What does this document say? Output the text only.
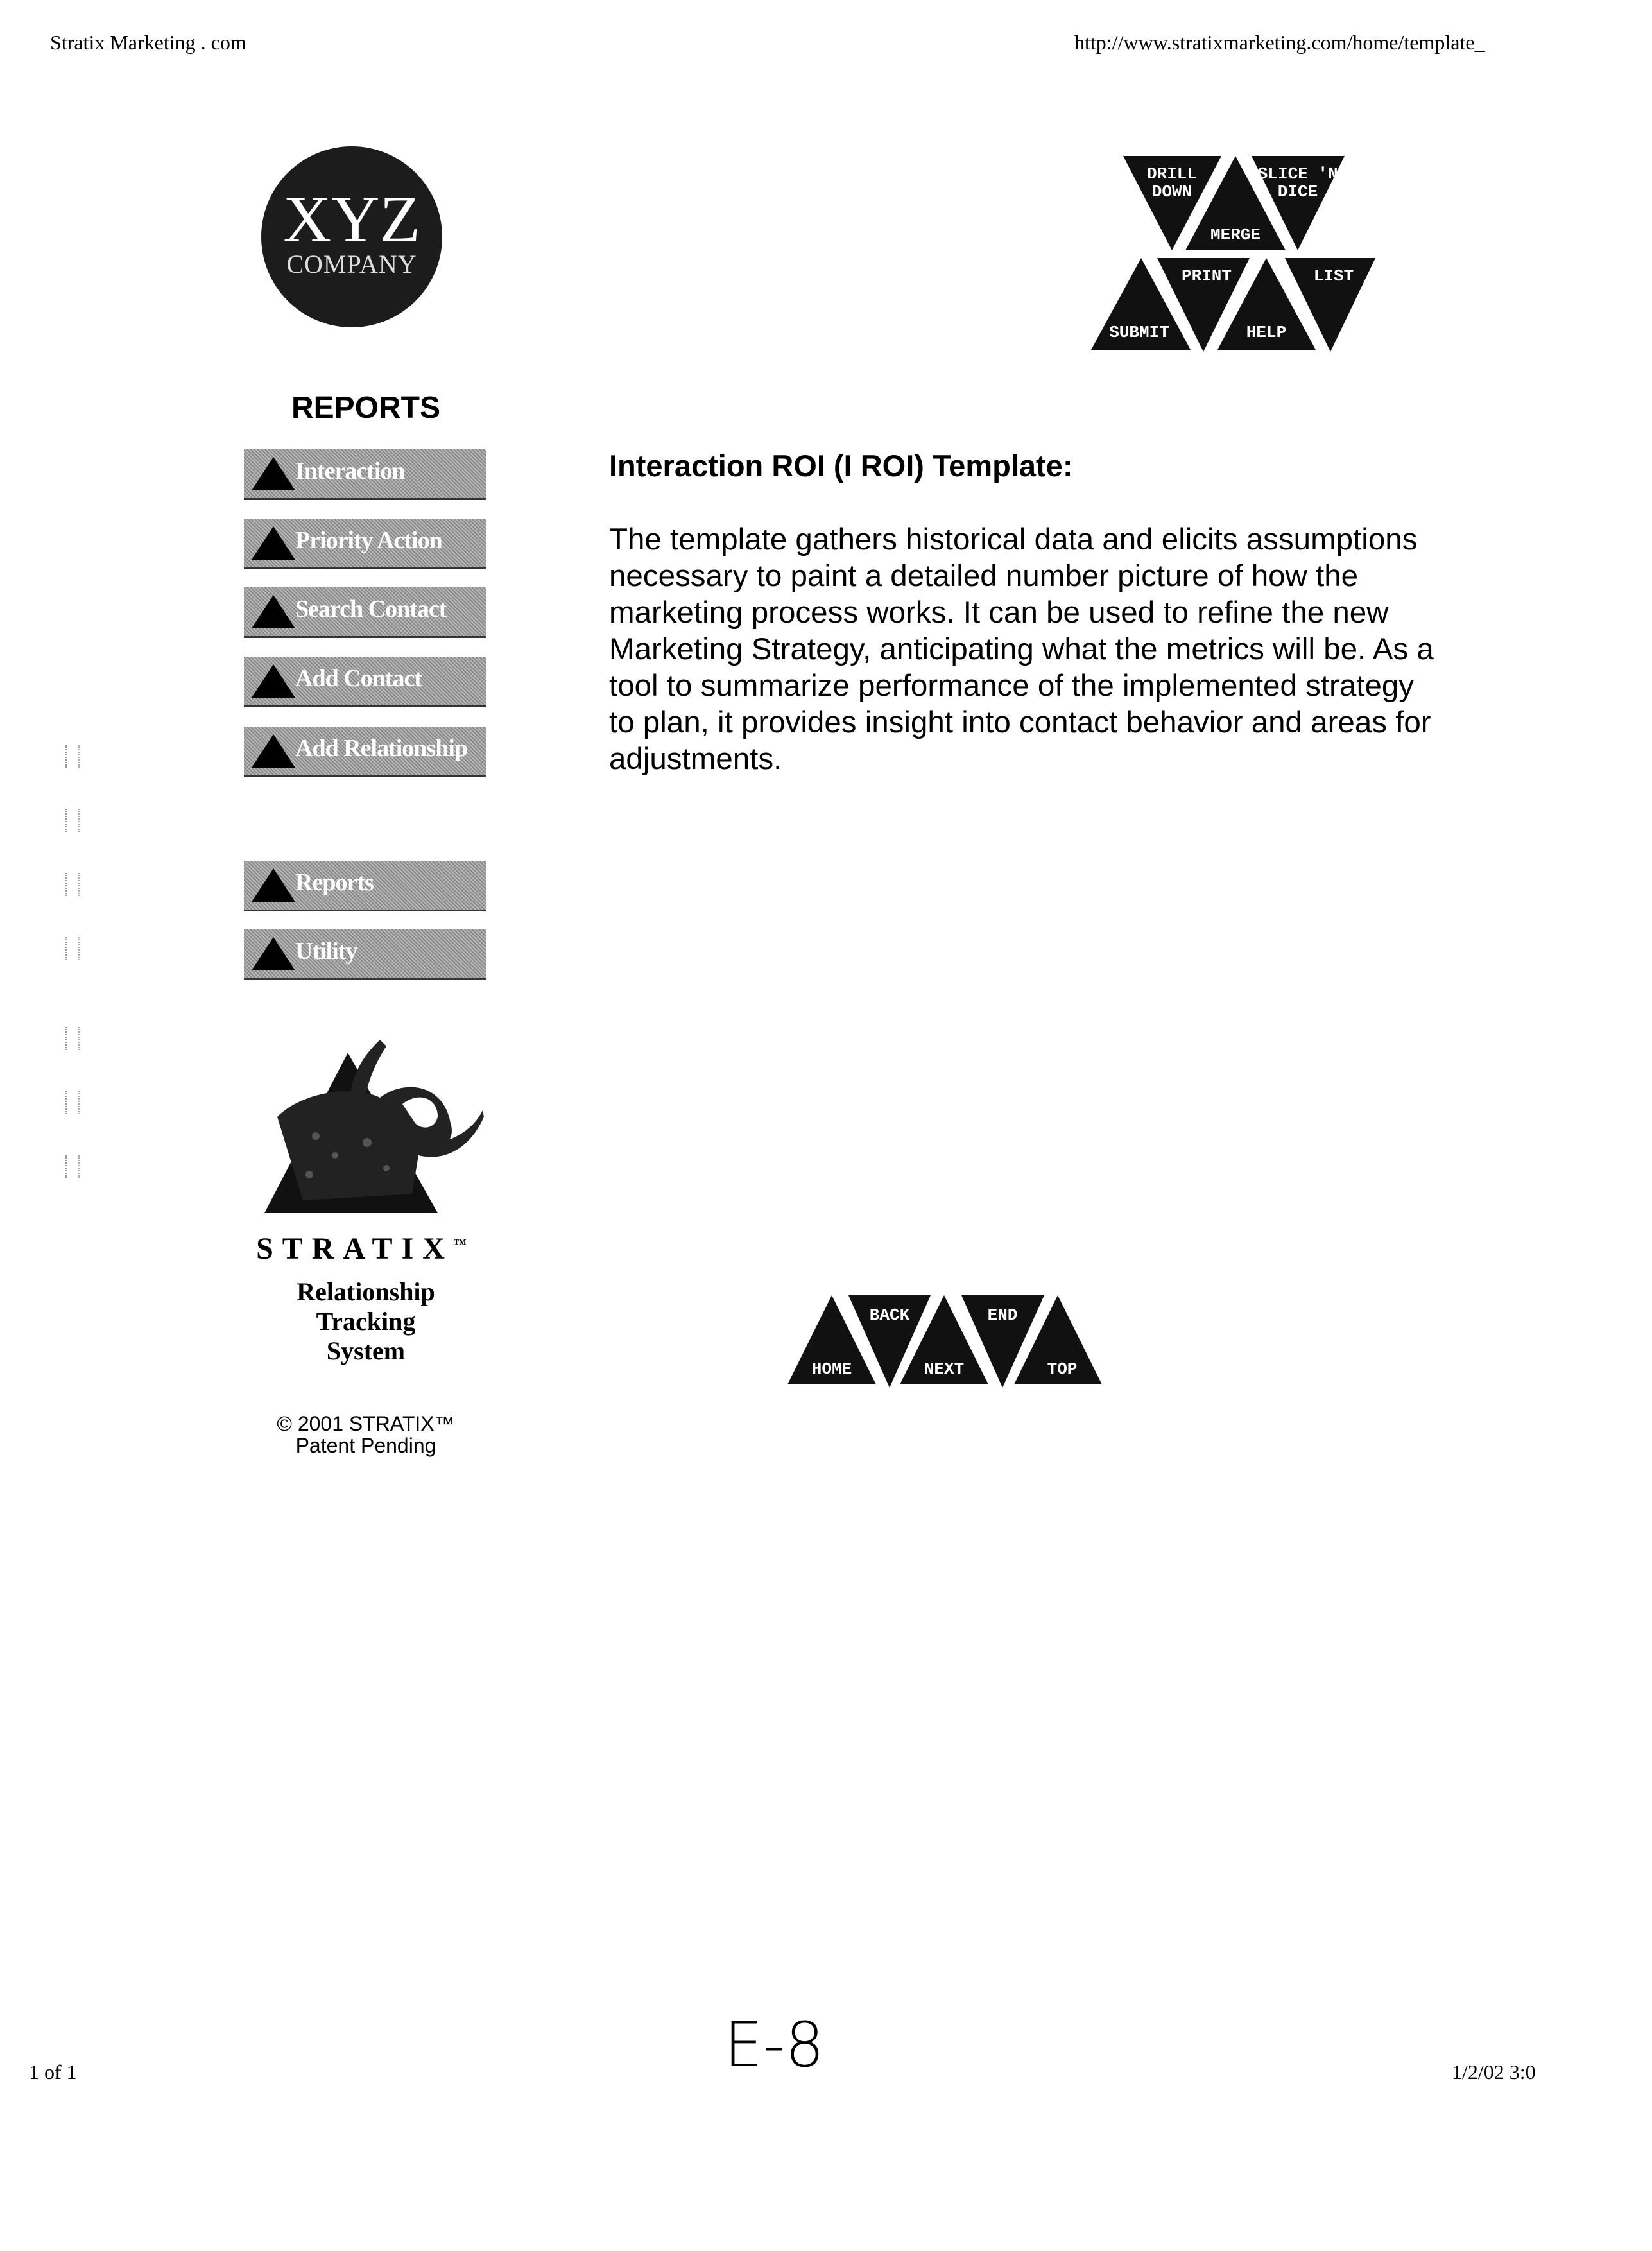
Stratix Marketing . com	http://www.stratixmarketing.com/home/template_
XYZ
COMPANY
REPORTS
Interaction
Priority Action
Search Contact
Add Contact
Add Relationship
Reports
Utility
Interaction ROI (I ROI) Template:
The template gathers historical data and elicits assumptions necessary to paint a detailed number picture of how the marketing process works. It can be used to refine the new Marketing Strategy, anticipating what the metrics will be. As a tool to summarize performance of the implemented strategy to plan, it provides insight into contact behavior and areas for adjustments.
STRATIX™
Relationship
Tracking
System
© 2001 STRATIX™
Patent Pending
DRILL
DOWN
MERGE
SLICE 'N'
DICE
SUBMIT
PRINT
HELP
LIST
HOME
BACK
NEXT
END
TOP
1 of 1	E-8	1/2/02 3:0
